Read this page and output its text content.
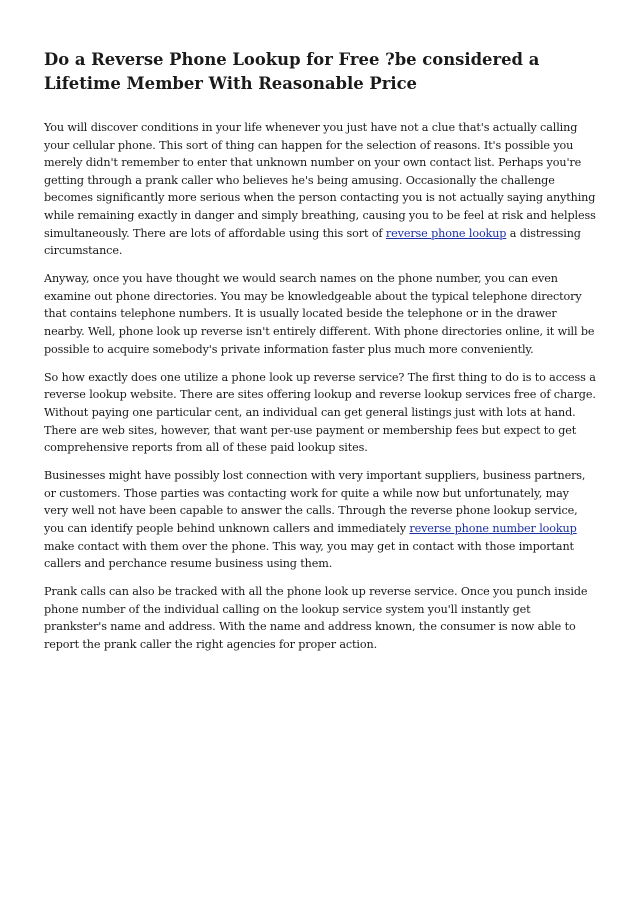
Do a Reverse Phone Lookup for Free ?be considered a Lifetime Member With Reasonable Price

You will discover conditions in your life whenever you just have not a clue that's actually calling your cellular phone. This sort of thing can happen for the selection of reasons. It's possible you merely didn't remember to enter that unknown number on your own contact list. Perhaps you're getting through a prank caller who believes he's being amusing. Occasionally the challenge becomes significantly more serious when the person contacting you is not actually saying anything while remaining exactly in danger and simply breathing, causing you to be feel at risk and helpless simultaneously. There are lots of affordable using this sort of reverse phone lookup a distressing circumstance.

Anyway, once you have thought we would search names on the phone number, you can even examine out phone directories. You may be knowledgeable about the typical telephone directory that contains telephone numbers. It is usually located beside the telephone or in the drawer nearby. Well, phone look up reverse isn't entirely different. With phone directories online, it will be possible to acquire somebody's private information faster plus much more conveniently.

So how exactly does one utilize a phone look up reverse service? The first thing to do is to access a reverse lookup website. There are sites offering lookup and reverse lookup services free of charge. Without paying one particular cent, an individual can get general listings just with lots at hand. There are web sites, however, that want per-use payment or membership fees but expect to get comprehensive reports from all of these paid lookup sites.

Businesses might have possibly lost connection with very important suppliers, business partners, or customers. Those parties was contacting work for quite a while now but unfortunately, may very well not have been capable to answer the calls. Through the reverse phone lookup service, you can identify people behind unknown callers and immediately reverse phone number lookup make contact with them over the phone. This way, you may get in contact with those important callers and perchance resume business using them.

Prank calls can also be tracked with all the phone look up reverse service. Once you punch inside phone number of the individual calling on the lookup service system you'll instantly get prankster's name and address. With the name and address known, the consumer is now able to report the prank caller the right agencies for proper action.
